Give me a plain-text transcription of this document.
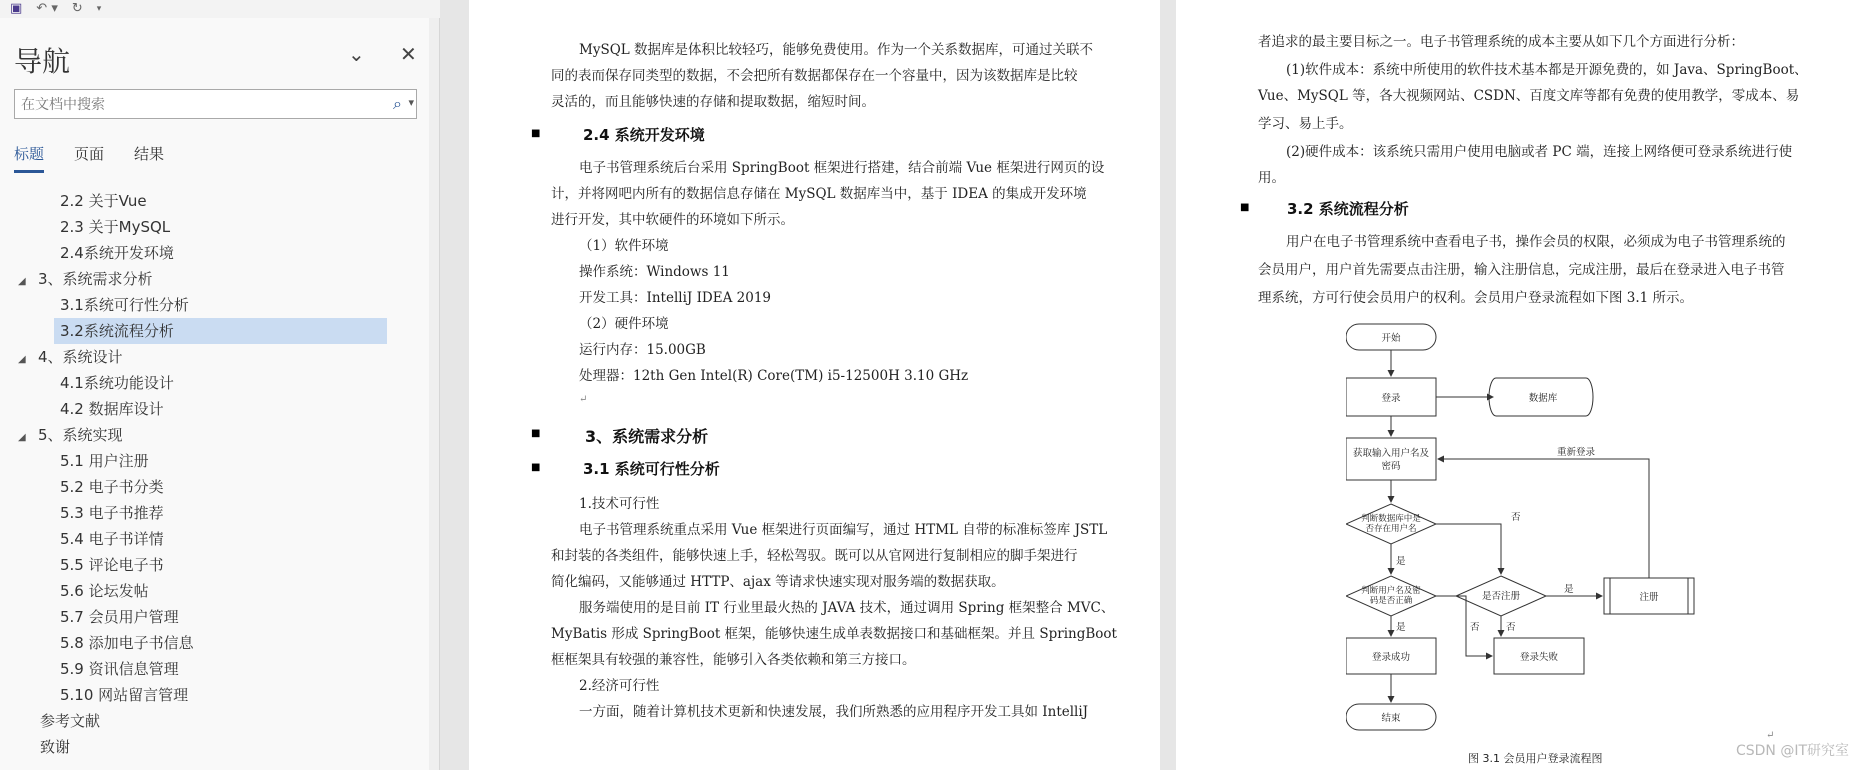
▣ ↶ ▾ ↻ ▾
导航	⌄ ✕
在文档中搜索
⌕ ▾
标题 页面 结果
2.2 关于Vue
2.3 关于MySQL
2.4系统开发环境
◢ 3、系统需求分析
3.1系统可行性分析
3.2系统流程分析
◢ 4、系统设计
4.1系统功能设计
4.2 数据库设计
◢ 5、系统实现
5.1 用户注册
5.2 电子书分类
5.3 电子书推荐
5.4 电子书详情
5.5 评论电子书
5.6 论坛发帖
5.7 会员用户管理
5.8 添加电子书信息
5.9 资讯信息管理
5.10 网站留言管理
参考文献
致谢
MySQL 数据库是体积比较轻巧，能够免费使用。作为一个关系数据库，可通过关联不
同的表而保存同类型的数据，不会把所有数据都保存在一个容量中，因为该数据库是比较
灵活的，而且能够快速的存储和提取数据，缩短时间。
■	2.4 系统开发环境
电子书管理系统后台采用 SpringBoot 框架进行搭建，结合前端 Vue 框架进行网页的设
计，并将网吧内所有的数据信息存储在 MySQL 数据库当中，基于 IDEA 的集成开发环境
进行开发，其中软硬件的环境如下所示。
（1）软件环境
操作系统：Windows 11
开发工具：IntelliJ IDEA 2019
（2）硬件环境
运行内存：15.00GB
处理器：12th Gen Intel(R) Core(TM) i5-12500H 3.10 GHz
↵
■	3、系统需求分析
■	3.1 系统可行性分析
1.技术可行性
电子书管理系统重点采用 Vue 框架进行页面编写，通过 HTML 自带的标准标签库 JSTL
和封装的各类组件，能够快速上手，轻松驾驭。既可以从官网进行复制相应的脚手架进行
简化编码，又能够通过 HTTP、ajax 等请求快速实现对服务端的数据获取。
服务端使用的是目前 IT 行业里最火热的 JAVA 技术，通过调用 Spring 框架整合 MVC、
MyBatis 形成 SpringBoot 框架，能够快速生成单表数据接口和基础框架。并且 SpringBoot
框框架具有较强的兼容性，能够引入各类依赖和第三方接口。
2.经济可行性
一方面，随着计算机技术更新和快速发展，我们所熟悉的应用程序开发工具如 IntelliJ
者追求的最主要目标之一。电子书管理系统的成本主要从如下几个方面进行分析：
(1)软件成本：系统中所使用的软件技术基本都是开源免费的，如 Java、SpringBoot、
Vue、MySQL 等，各大视频网站、CSDN、百度文库等都有免费的使用教学，零成本、易
学习、易上手。
(2)硬件成本：该系统只需用户使用电脑或者 PC 端，连接上网络便可登录系统进行使
用。
■	3.2 系统流程分析
用户在电子书管理系统中查看电子书，操作会员的权限，必须成为电子书管理系统的
会员用户，用户首先需要点击注册，输入注册信息，完成注册，最后在登录进入电子书管
理系统，方可行使会员用户的权利。会员用户登录流程如下图 3.1 所示。
开始
登录	数据库
获取输入用户名及
密码
重新登录
判断数据库中是
否存在用户名
判断用户名及密
码是否正确	是否注册	注册
登录成功	登录失败
结束
否
是
是
是	否	否
↵
图 3.1 会员用户登录流程图	CSDN @IT研究室
